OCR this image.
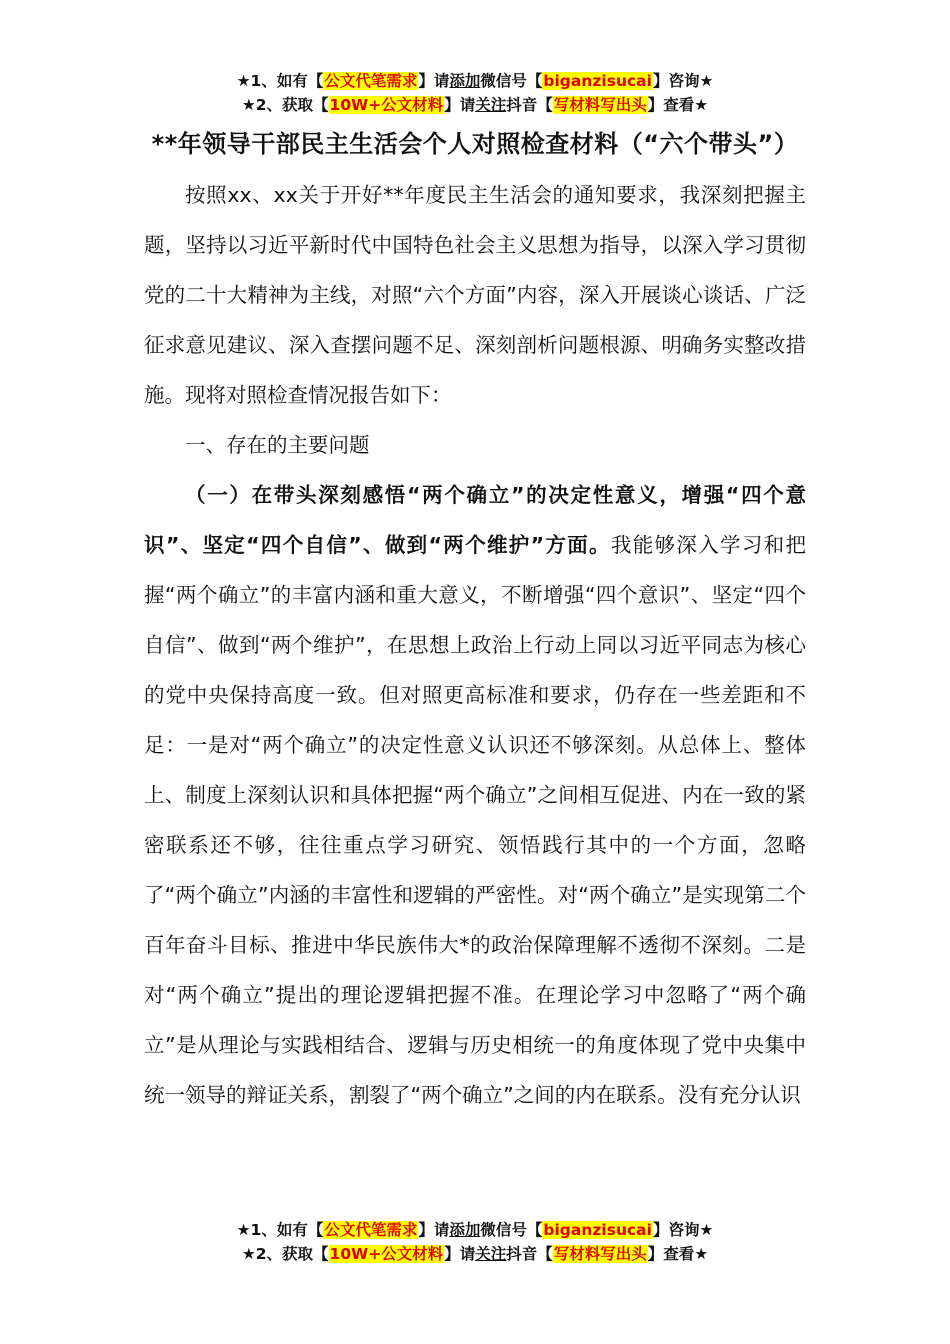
★1、如有【公文代笔需求】请添加微信号【biganzisucai】咨询★
★2、获取【10W+公文材料】请关注抖音【写材料写出头】查看★
**年领导干部民主生活会个人对照检查材料（“六个带头”）

按照xx、xx关于开好**年度民主生活会的通知要求，我深刻把握主题，坚持以习近平新时代中国特色社会主义思想为指导，以深入学习贯彻党的二十大精神为主线，对照“六个方面”内容，深入开展谈心谈话、广泛征求意见建议、深入查摆问题不足、深刻剖析问题根源、明确务实整改措施。现将对照检查情况报告如下：

一、存在的主要问题

（一）在带头深刻感悟“两个确立”的决定性意义，增强“四个意识”、坚定“四个自信”、做到“两个维护”方面。我能够深入学习和把握“两个确立”的丰富内涵和重大意义，不断增强“四个意识”、坚定“四个自信”、做到“两个维护”，在思想上政治上行动上同以习近平同志为核心的党中央保持高度一致。但对照更高标准和要求，仍存在一些差距和不足：一是对“两个确立”的决定性意义认识还不够深刻。从总体上、整体上、制度上深刻认识和具体把握“两个确立”之间相互促进、内在一致的紧密联系还不够，往往重点学习研究、领悟践行其中的一个方面，忽略了“两个确立”内涵的丰富性和逻辑的严密性。对“两个确立”是实现第二个百年奋斗目标、推进中华民族伟大*的政治保障理解不透彻不深刻。二是对“两个确立”提出的理论逻辑把握不准。在理论学习中忽略了“两个确立”是从理论与实践相结合、逻辑与历史相统一的角度体现了党中央集中统一领导的辩证关系，割裂了“两个确立”之间的内在联系。没有充分认识

★1、如有【公文代笔需求】请添加微信号【biganzisucai】咨询★
★2、获取【10W+公文材料】请关注抖音【写材料写出头】查看★
